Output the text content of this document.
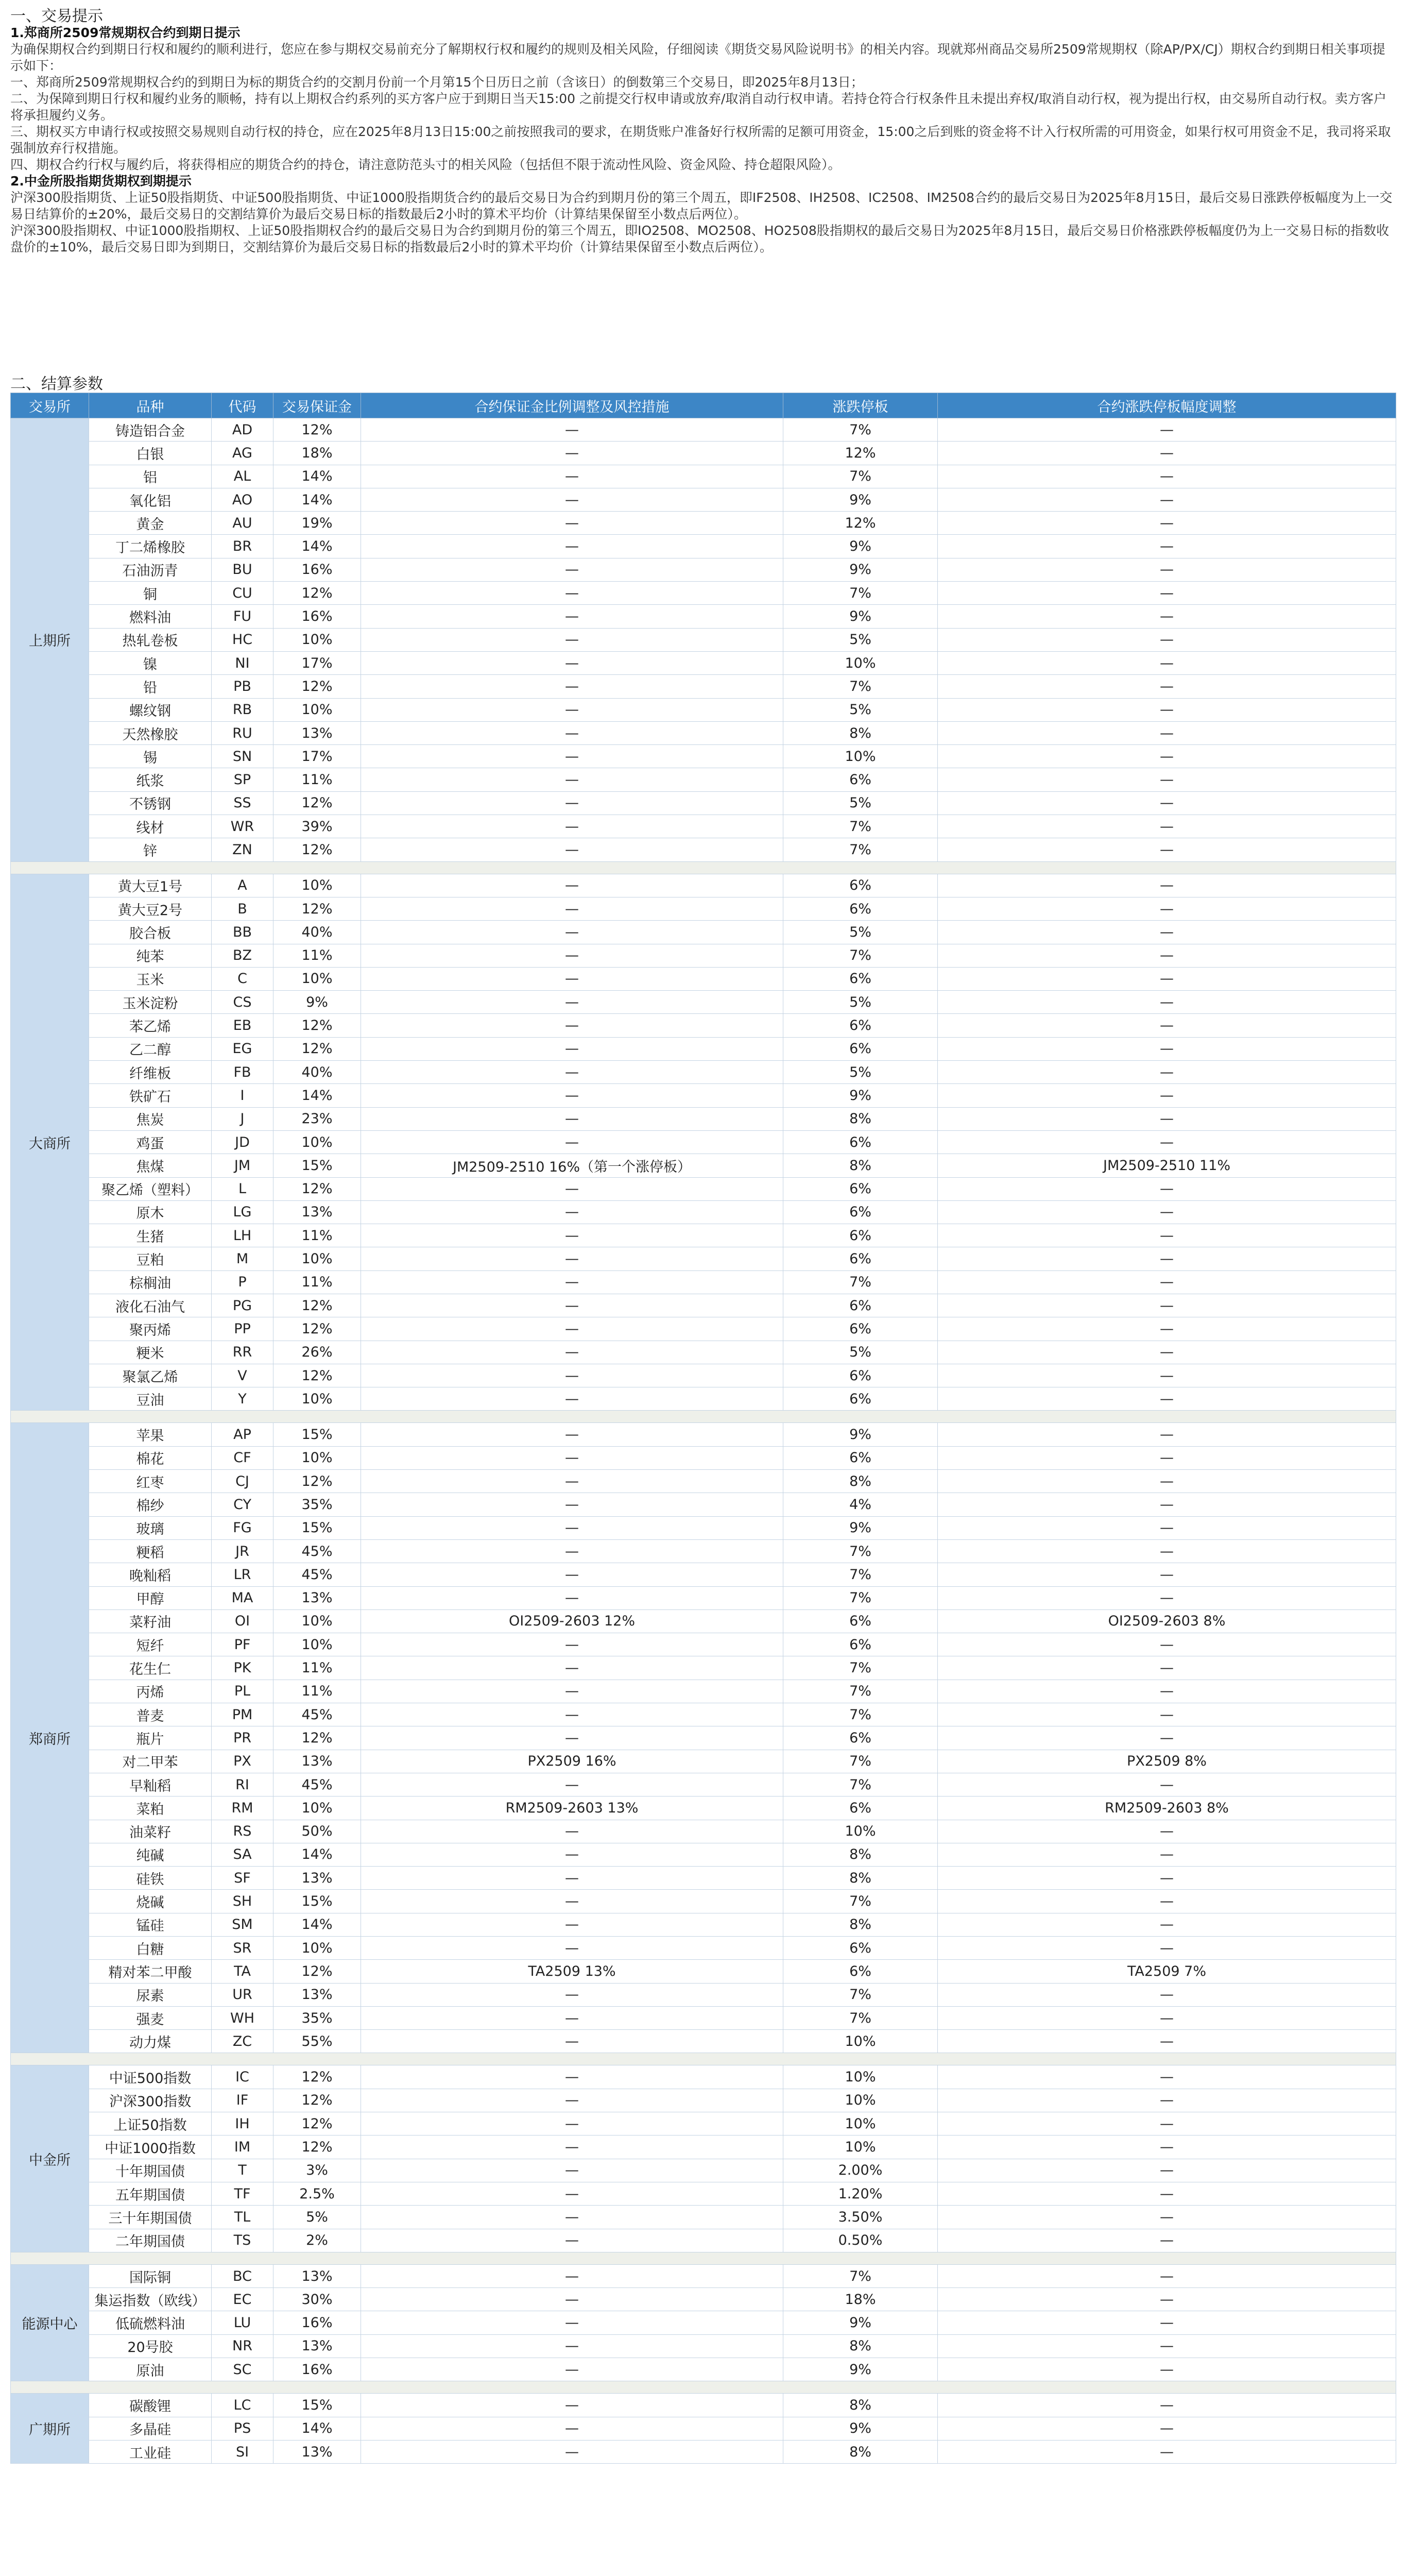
一、交易提示
1.郑商所2509常规期权合约到期日提示
为确保期权合约到期日行权和履约的顺利进行，您应在参与期权交易前充分了解期权行权和履约的规则及相关风险，仔细阅读《期货交易风险说明书》的相关内容。现就郑州商品交易所2509常规期权（除AP/PX/CJ）期权合约到期日相关事项提示如下：
一、郑商所2509常规期权合约的到期日为标的期货合约的交割月份前一个月第15个日历日之前（含该日）的倒数第三个交易日，即2025年8月13日；
二、为保障到期日行权和履约业务的顺畅，持有以上期权合约系列的买方客户应于到期日当天15:00 之前提交行权申请或放弃/取消自动行权申请。若持仓符合行权条件且未提出弃权/取消自动行权，视为提出行权，由交易所自动行权。卖方客户将承担履约义务。
三、期权买方申请行权或按照交易规则自动行权的持仓，应在2025年8月13日15:00之前按照我司的要求，在期货账户准备好行权所需的足额可用资金，15:00之后到账的资金将不计入行权所需的可用资金，如果行权可用资金不足，我司将采取强制放弃行权措施。
四、期权合约行权与履约后，将获得相应的期货合约的持仓，请注意防范头寸的相关风险（包括但不限于流动性风险、资金风险、持仓超限风险）。
2.中金所股指期货期权到期提示
沪深300股指期货、上证50股指期货、中证500股指期货、中证1000股指期货合约的最后交易日为合约到期月份的第三个周五，即IF2508、IH2508、IC2508、IM2508合约的最后交易日为2025年8月15日，最后交易日涨跌停板幅度为上一交易日结算价的±20%，最后交易日的交割结算价为最后交易日标的指数最后2小时的算术平均价（计算结果保留至小数点后两位）。
沪深300股指期权、中证1000股指期权、上证50股指期权合约的最后交易日为合约到期月份的第三个周五，即IO2508、MO2508、HO2508股指期权的最后交易日为2025年8月15日，最后交易日价格涨跌停板幅度仍为上一交易日标的指数收盘价的±10%，最后交易日即为到期日，交割结算价为最后交易日标的指数最后2小时的算术平均价（计算结果保留至小数点后两位）。
二、结算参数
交易所	品种	代码	交易保证金	合约保证金比例调整及风控措施	涨跌停板	合约涨跌停板幅度调整
上期所	铸造铝合金	AD	12%	—	7%	—
	白银	AG	18%	—	12%	—
	铝	AL	14%	—	7%	—
	氧化铝	AO	14%	—	9%	—
	黄金	AU	19%	—	12%	—
	丁二烯橡胶	BR	14%	—	9%	—
	石油沥青	BU	16%	—	9%	—
	铜	CU	12%	—	7%	—
	燃料油	FU	16%	—	9%	—
	热轧卷板	HC	10%	—	5%	—
	镍	NI	17%	—	10%	—
	铅	PB	12%	—	7%	—
	螺纹钢	RB	10%	—	5%	—
	天然橡胶	RU	13%	—	8%	—
	锡	SN	17%	—	10%	—
	纸浆	SP	11%	—	6%	—
	不锈钢	SS	12%	—	5%	—
	线材	WR	39%	—	7%	—
	锌	ZN	12%	—	7%	—

大商所	黄大豆1号	A	10%	—	6%	—
	黄大豆2号	B	12%	—	6%	—
	胶合板	BB	40%	—	5%	—
	纯苯	BZ	11%	—	7%	—
	玉米	C	10%	—	6%	—
	玉米淀粉	CS	9%	—	5%	—
	苯乙烯	EB	12%	—	6%	—
	乙二醇	EG	12%	—	6%	—
	纤维板	FB	40%	—	5%	—
	铁矿石	I	14%	—	9%	—
	焦炭	J	23%	—	8%	—
	鸡蛋	JD	10%	—	6%	—
	焦煤	JM	15%	JM2509-2510 16%（第一个涨停板）	8%	JM2509-2510 11%
	聚乙烯（塑料）	L	12%	—	6%	—
	原木	LG	13%	—	6%	—
	生猪	LH	11%	—	6%	—
	豆粕	M	10%	—	6%	—
	棕榈油	P	11%	—	7%	—
	液化石油气	PG	12%	—	6%	—
	聚丙烯	PP	12%	—	6%	—
	粳米	RR	26%	—	5%	—
	聚氯乙烯	V	12%	—	6%	—
	豆油	Y	10%	—	6%	—

郑商所	苹果	AP	15%	—	9%	—
	棉花	CF	10%	—	6%	—
	红枣	CJ	12%	—	8%	—
	棉纱	CY	35%	—	4%	—
	玻璃	FG	15%	—	9%	—
	粳稻	JR	45%	—	7%	—
	晚籼稻	LR	45%	—	7%	—
	甲醇	MA	13%	—	7%	—
	菜籽油	OI	10%	OI2509-2603 12%	6%	OI2509-2603 8%
	短纤	PF	10%	—	6%	—
	花生仁	PK	11%	—	7%	—
	丙烯	PL	11%	—	7%	—
	普麦	PM	45%	—	7%	—
	瓶片	PR	12%	—	6%	—
	对二甲苯	PX	13%	PX2509 16%	7%	PX2509 8%
	早籼稻	RI	45%	—	7%	—
	菜粕	RM	10%	RM2509-2603 13%	6%	RM2509-2603 8%
	油菜籽	RS	50%	—	10%	—
	纯碱	SA	14%	—	8%	—
	硅铁	SF	13%	—	8%	—
	烧碱	SH	15%	—	7%	—
	锰硅	SM	14%	—	8%	—
	白糖	SR	10%	—	6%	—
	精对苯二甲酸	TA	12%	TA2509 13%	6%	TA2509 7%
	尿素	UR	13%	—	7%	—
	强麦	WH	35%	—	7%	—
	动力煤	ZC	55%	—	10%	—

中金所	中证500指数	IC	12%	—	10%	—
	沪深300指数	IF	12%	—	10%	—
	上证50指数	IH	12%	—	10%	—
	中证1000指数	IM	12%	—	10%	—
	十年期国债	T	3%	—	2.00%	—
	五年期国债	TF	2.5%	—	1.20%	—
	三十年期国债	TL	5%	—	3.50%	—
	二年期国债	TS	2%	—	0.50%	—

能源中心	国际铜	BC	13%	—	7%	—
	集运指数（欧线）	EC	30%	—	18%	—
	低硫燃料油	LU	16%	—	9%	—
	20号胶	NR	13%	—	8%	—
	原油	SC	16%	—	9%	—

广期所	碳酸锂	LC	15%	—	8%	—
	多晶硅	PS	14%	—	9%	—
	工业硅	SI	13%	—	8%	—
